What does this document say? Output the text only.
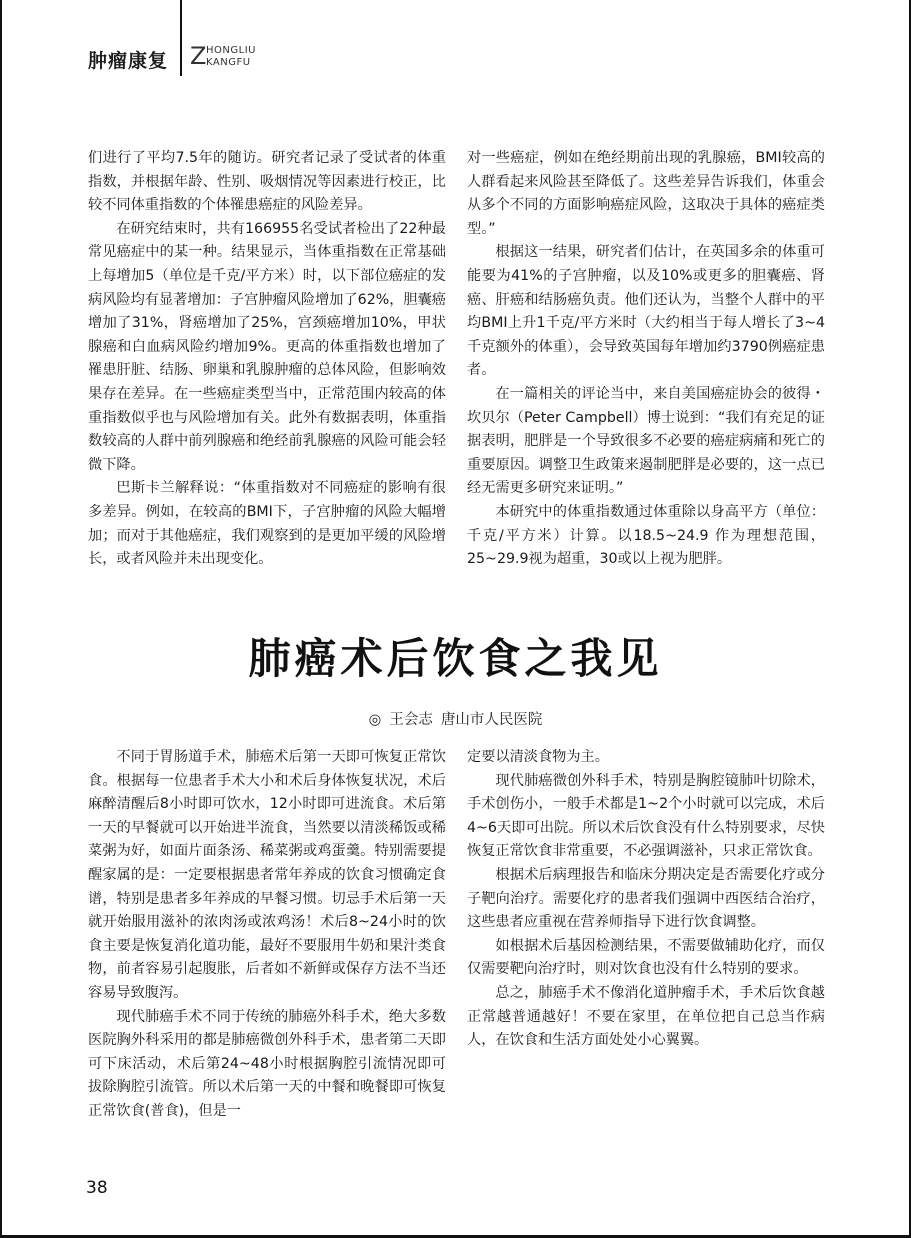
肿瘤康复 Z HONGLIU
KANGFU

们进行了平均7.5年的随访。研究者记录了受试者的体重指数，并根据年龄、性别、吸烟情况等因素进行校正，比较不同体重指数的个体罹患癌症的风险差异。

在研究结束时，共有166955名受试者检出了22种最常见癌症中的某一种。结果显示，当体重指数在正常基础上每增加5（单位是千克/平方米）时，以下部位癌症的发病风险均有显著增加：子宫肿瘤风险增加了62%，胆囊癌增加了31%，肾癌增加了25%，宫颈癌增加10%，甲状腺癌和白血病风险约增加9%。更高的体重指数也增加了罹患肝脏、结肠、卵巢和乳腺肿瘤的总体风险，但影响效果存在差异。在一些癌症类型当中，正常范围内较高的体重指数似乎也与风险增加有关。此外有数据表明，体重指数较高的人群中前列腺癌和绝经前乳腺癌的风险可能会轻微下降。

巴斯卡兰解释说：“体重指数对不同癌症的影响有很多差异。例如，在较高的BMI下，子宫肿瘤的风险大幅增加；而对于其他癌症，我们观察到的是更加平缓的风险增长，或者风险并未出现变化。

对一些癌症，例如在绝经期前出现的乳腺癌，BMI较高的人群看起来风险甚至降低了。这些差异告诉我们，体重会从多个不同的方面影响癌症风险，这取决于具体的癌症类型。”

根据这一结果，研究者们估计，在英国多余的体重可能要为41%的子宫肿瘤，以及10%或更多的胆囊癌、肾癌、肝癌和结肠癌负责。他们还认为，当整个人群中的平均BMI上升1千克/平方米时（大约相当于每人增长了3~4千克额外的体重），会导致英国每年增加约3790例癌症患者。

在一篇相关的评论当中，来自美国癌症协会的彼得・坎贝尔（Peter Campbell）博士说到：“我们有充足的证据表明，肥胖是一个导致很多不必要的癌症病痛和死亡的重要原因。调整卫生政策来遏制肥胖是必要的，这一点已经无需更多研究来证明。”

本研究中的体重指数通过体重除以身高平方（单位：千克/平方米）计算。以18.5~24.9 作为理想范围，25~29.9视为超重，30或以上视为肥胖。

肺癌术后饮食之我见
◎ 王会志 唐山市人民医院

不同于胃肠道手术，肺癌术后第一天即可恢复正常饮食。根据每一位患者手术大小和术后身体恢复状况，术后麻醉清醒后8小时即可饮水，12小时即可进流食。术后第一天的早餐就可以开始进半流食，当然要以清淡稀饭或稀菜粥为好，如面片面条汤、稀菜粥或鸡蛋羹。特别需要提醒家属的是：一定要根据患者常年养成的饮食习惯确定食谱，特别是患者多年养成的早餐习惯。切忌手术后第一天就开始服用滋补的浓肉汤或浓鸡汤！术后8~24小时的饮食主要是恢复消化道功能，最好不要服用牛奶和果汁类食物，前者容易引起腹胀，后者如不新鲜或保存方法不当还容易导致腹泻。

现代肺癌手术不同于传统的肺癌外科手术，绝大多数医院胸外科采用的都是肺癌微创外科手术，患者第二天即可下床活动，术后第24~48小时根据胸腔引流情况即可拔除胸腔引流管。所以术后第一天的中餐和晚餐即可恢复正常饮食(普食)，但是一

定要以清淡食物为主。

现代肺癌微创外科手术，特别是胸腔镜肺叶切除术，手术创伤小，一般手术都是1~2个小时就可以完成，术后4~6天即可出院。所以术后饮食没有什么特别要求，尽快恢复正常饮食非常重要，不必强调滋补，只求正常饮食。

根据术后病理报告和临床分期决定是否需要化疗或分子靶向治疗。需要化疗的患者我们强调中西医结合治疗，这些患者应重视在营养师指导下进行饮食调整。

如根据术后基因检测结果，不需要做辅助化疗，而仅仅需要靶向治疗时，则对饮食也没有什么特别的要求。

总之，肺癌手术不像消化道肿瘤手术，手术后饮食越正常越普通越好！不要在家里，在单位把自己总当作病人，在饮食和生活方面处处小心翼翼。

38
